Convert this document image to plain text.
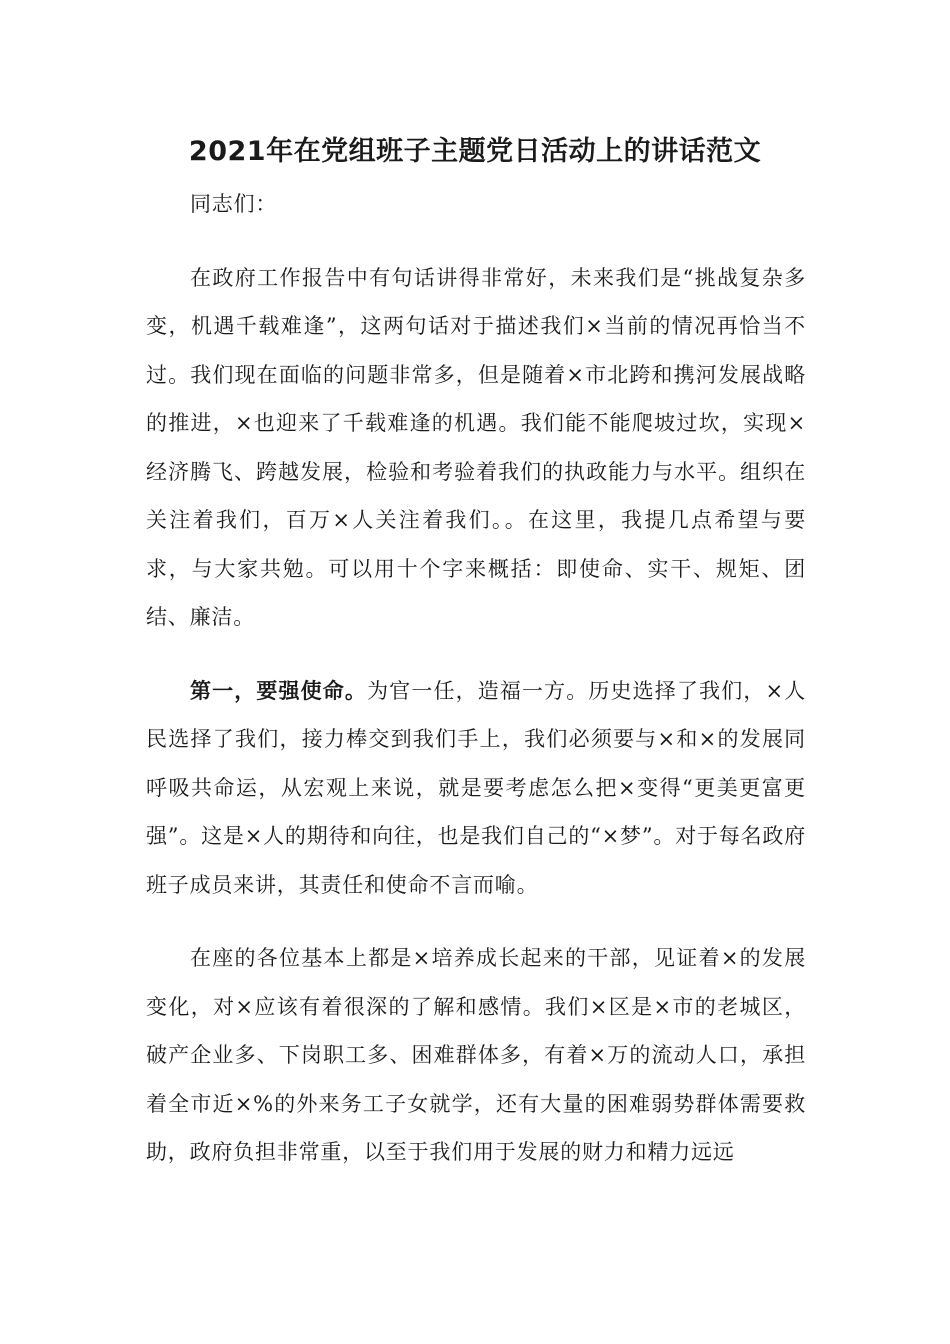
2021年在党组班子主题党日活动上的讲话范文

同志们：

在政府工作报告中有句话讲得非常好，未来我们是“挑战复杂多变，机遇千载难逢”，这两句话对于描述我们×当前的情况再恰当不过。我们现在面临的问题非常多，但是随着×市北跨和携河发展战略的推进，×也迎来了千载难逢的机遇。我们能不能爬坡过坎，实现×经济腾飞、跨越发展，检验和考验着我们的执政能力与水平。组织在关注着我们，百万×人关注着我们。。在这里，我提几点希望与要求，与大家共勉。可以用十个字来概括：即使命、实干、规矩、团结、廉洁。

第一，要强使命。为官一任，造福一方。历史选择了我们，×人民选择了我们，接力棒交到我们手上，我们必须要与×和×的发展同呼吸共命运，从宏观上来说，就是要考虑怎么把×变得“更美更富更强”。这是×人的期待和向往，也是我们自己的“×梦”。对于每名政府班子成员来讲，其责任和使命不言而喻。

在座的各位基本上都是×培养成长起来的干部，见证着×的发展变化，对×应该有着很深的了解和感情。我们×区是×市的老城区，破产企业多、下岗职工多、困难群体多，有着×万的流动人口，承担着全市近×%的外来务工子女就学，还有大量的困难弱势群体需要救助，政府负担非常重，以至于我们用于发展的财力和精力远远
